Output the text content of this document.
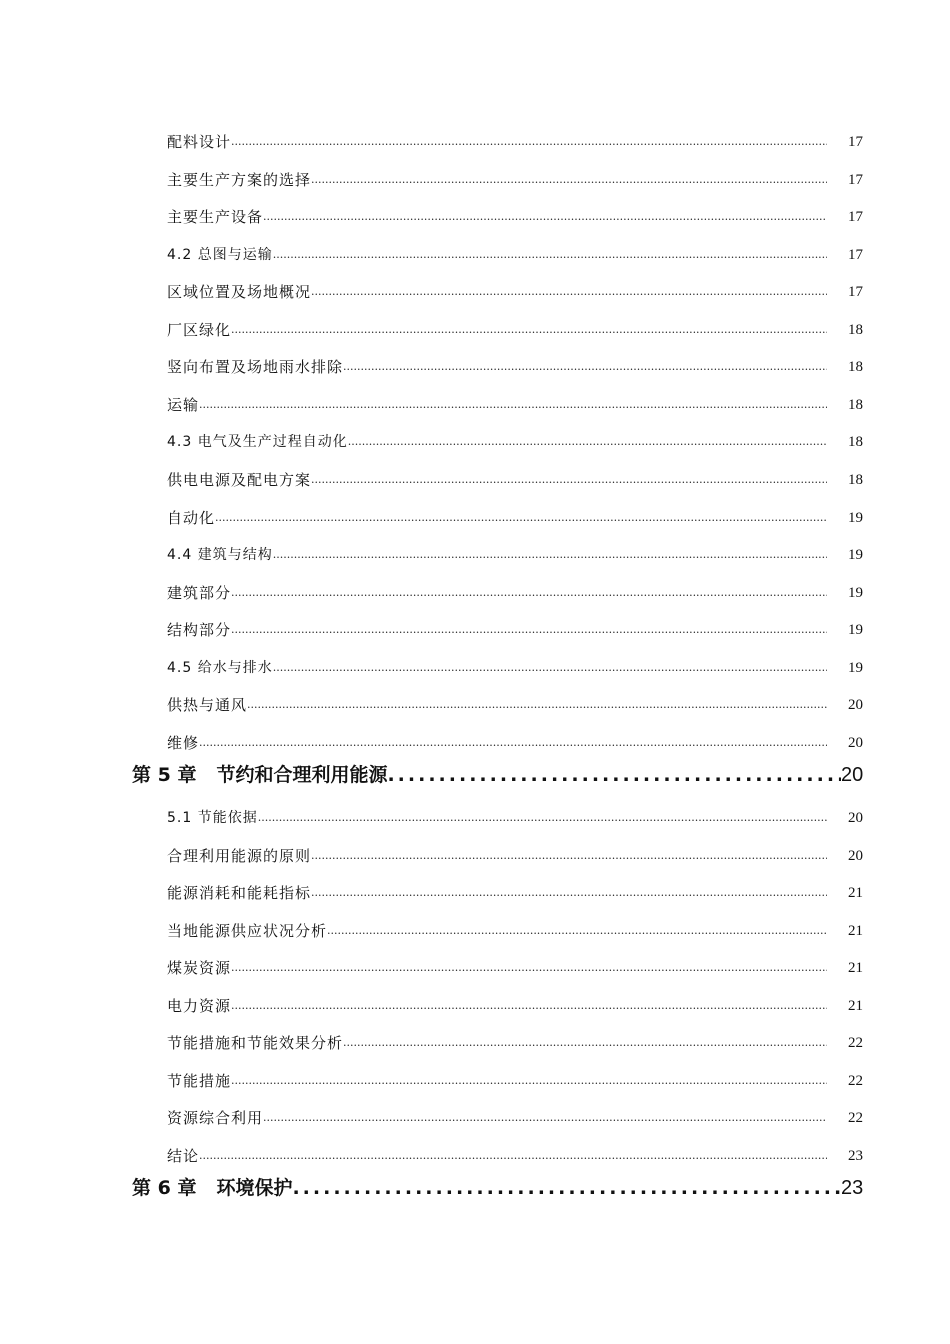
配料设计 .....	17
主要生产方案的选择 .....	17
主要生产设备 .....	17
4.2 总图与运输 .....	17
区域位置及场地概况 .....	17
厂区绿化 .....	18
竖向布置及场地雨水排除 .....	18
运输 .....	18
4.3 电气及生产过程自动化 .....	18
供电电源及配电方案 .....	18
自动化 .....	19
4.4 建筑与结构 .....	19
建筑部分 .....	19
结构部分 .....	19
4.5 给水与排水 .....	19
供热与通风 .....	20
维修 .....	20
第 5 章 节约和合理利用能源 .....	20
5.1 节能依据 .....	20
合理利用能源的原则 .....	20
能源消耗和能耗指标 .....	21
当地能源供应状况分析 .....	21
煤炭资源 .....	21
电力资源 .....	21
节能措施和节能效果分析 .....	22
节能措施 .....	22
资源综合利用 .....	22
结论 .....	23
第 6 章 环境保护 .....	23
